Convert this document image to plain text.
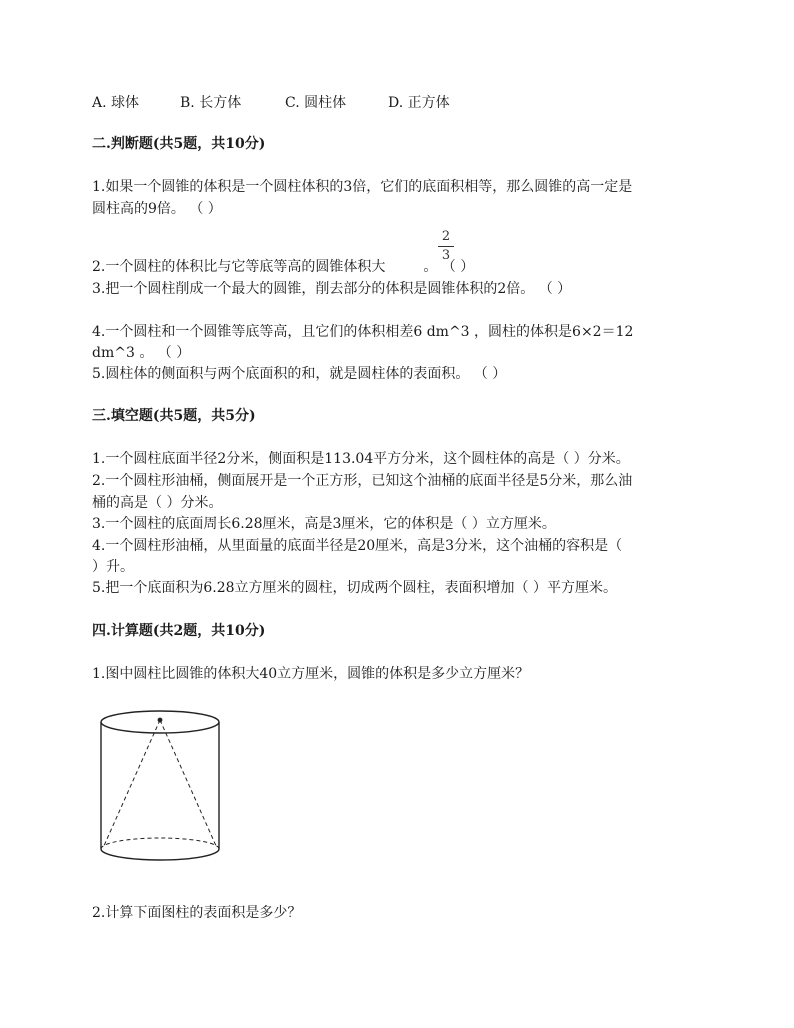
A. 球体	B. 长方体	C. 圆柱体	D. 正方体
二.判断题(共5题，共10分)
1.如果一个圆锥的体积是一个圆柱体积的3倍，它们的底面积相等，那么圆锥的高一定是
圆柱高的9倍。 （ ）
2
3
2.一个圆柱的体积比与它等底等高的圆锥体积大	。 （ ）
3.把一个圆柱削成一个最大的圆锥，削去部分的体积是圆锥体积的2倍。 （ ）
4.一个圆柱和一个圆锥等底等高，且它们的体积相差6 dm^3 ，圆柱的体积是6×2＝12
dm^3 。 （ ）
5.圆柱体的侧面积与两个底面积的和，就是圆柱体的表面积。 （ ）
三.填空题(共5题，共5分)
1.一个圆柱底面半径2分米，侧面积是113.04平方分米，这个圆柱体的高是（ ）分米。
2.一个圆柱形油桶，侧面展开是一个正方形，已知这个油桶的底面半径是5分米，那么油
桶的高是（ ）分米。
3.一个圆柱的底面周长6.28厘米，高是3厘米，它的体积是（ ）立方厘米。
4.一个圆柱形油桶，从里面量的底面半径是20厘米，高是3分米，这个油桶的容积是（
）升。
5.把一个底面积为6.28立方厘米的圆柱，切成两个圆柱，表面积增加（ ）平方厘米。
四.计算题(共2题，共10分)
1.图中圆柱比圆锥的体积大40立方厘米，圆锥的体积是多少立方厘米？
2.计算下面图柱的表面积是多少？
